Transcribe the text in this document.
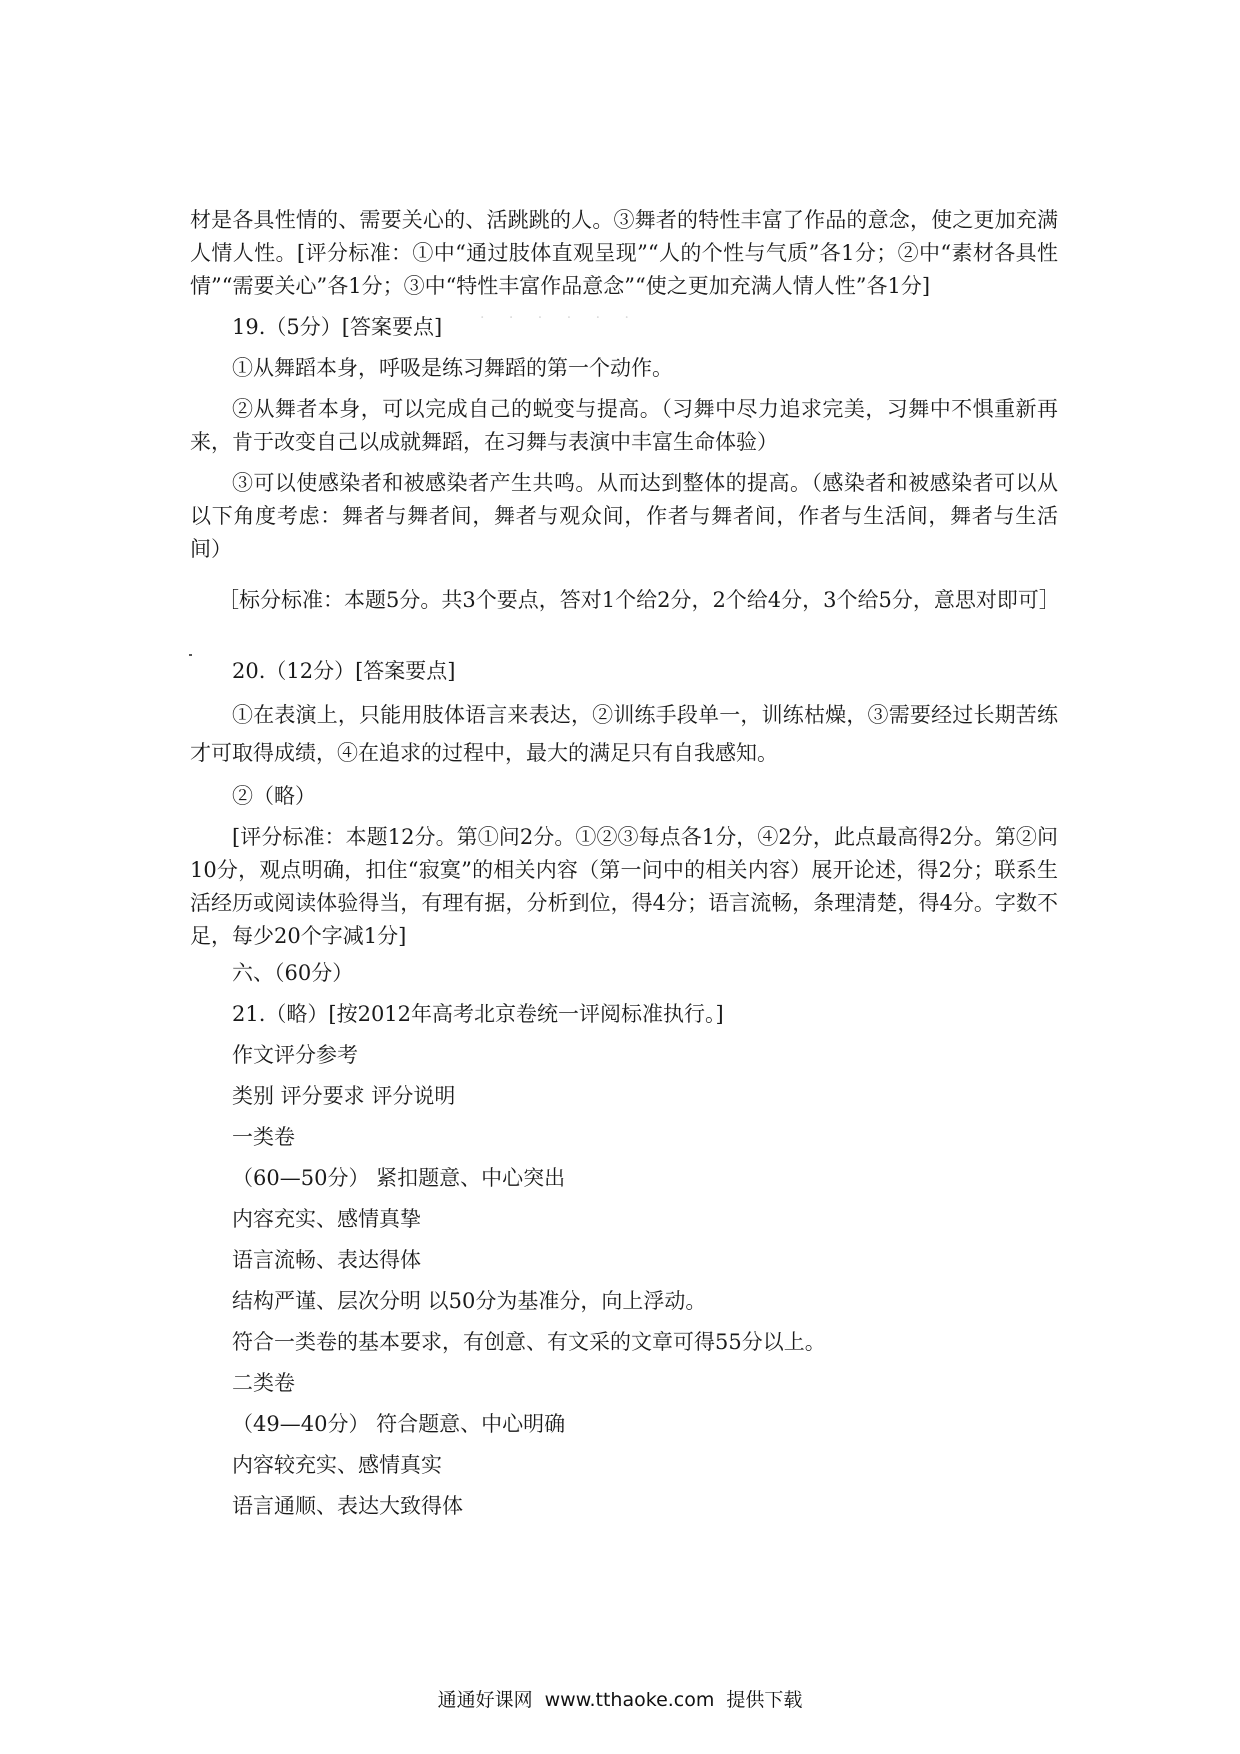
· · · · · ·

材是各具性情的、需要关心的、活跳跳的人。③舞者的特性丰富了作品的意念，使之更加充满人情人性。[评分标准：①中“通过肢体直观呈现”“人的个性与气质”各1分；②中“素材各具性情”“需要关心”各1分；③中“特性丰富作品意念”“使之更加充满人情人性”各1分]

19.（5分）[答案要点]

①从舞蹈本身，呼吸是练习舞蹈的第一个动作。

②从舞者本身，可以完成自己的蜕变与提高。（习舞中尽力追求完美，习舞中不惧重新再来，肯于改变自己以成就舞蹈，在习舞与表演中丰富生命体验）

③可以使感染者和被感染者产生共鸣。从而达到整体的提高。（感染者和被感染者可以从以下角度考虑：舞者与舞者间，舞者与观众间，作者与舞者间，作者与生活间，舞者与生活间）

［标分标准：本题5分。共3个要点，答对1个给2分，2个给4分，3个给5分，意思对即可］

20.（12分）[答案要点]

①在表演上，只能用肢体语言来表达，②训练手段单一，训练枯燥，③需要经过长期苦练才可取得成绩，④在追求的过程中，最大的满足只有自我感知。

②（略）

[评分标准：本题12分。第①问2分。①②③每点各1分，④2分，此点最高得2分。第②问10分，观点明确，扣住“寂寞”的相关内容（第一问中的相关内容）展开论述，得2分；联系生活经历或阅读体验得当，有理有据，分析到位，得4分；语言流畅，条理清楚，得4分。字数不足，每少20个字减1分]

六、（60分）

21.（略）[按2012年高考北京卷统一评阅标准执行。]

作文评分参考

类别 评分要求 评分说明

一类卷

（60—50分） 紧扣题意、中心突出

内容充实、感情真挚

语言流畅、表达得体

结构严谨、层次分明 以50分为基准分，向上浮动。

符合一类卷的基本要求，有创意、有文采的文章可得55分以上。

二类卷

（49—40分） 符合题意、中心明确

内容较充实、感情真实

语言通顺、表达大致得体

通通好课网 www.tthaoke.com 提供下载
